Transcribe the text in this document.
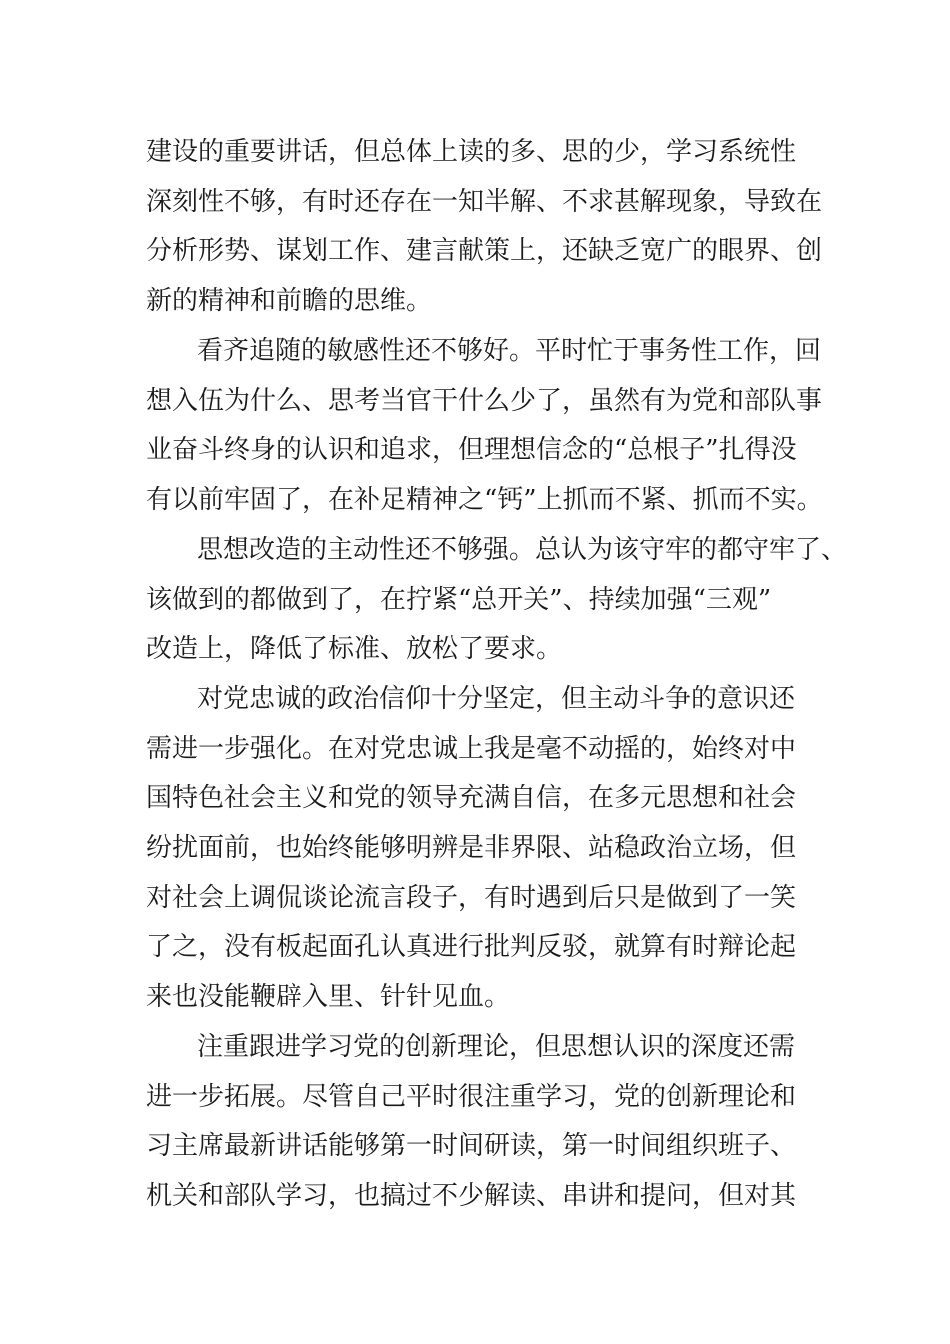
建设的重要讲话，但总体上读的多、思的少，学习系统性
深刻性不够，有时还存在一知半解、不求甚解现象，导致在
分析形势、谋划工作、建言献策上，还缺乏宽广的眼界、创
新的精神和前瞻的思维。
看齐追随的敏感性还不够好。平时忙于事务性工作，回
想入伍为什么、思考当官干什么少了，虽然有为党和部队事
业奋斗终身的认识和追求，但理想信念的“总根子”扎得没
有以前牢固了，在补足精神之“钙”上抓而不紧、抓而不实。
思想改造的主动性还不够强。总认为该守牢的都守牢了、
该做到的都做到了，在拧紧“总开关”、持续加强“三观”
改造上，降低了标准、放松了要求。
对党忠诚的政治信仰十分坚定，但主动斗争的意识还
需进一步强化。在对党忠诚上我是毫不动摇的，始终对中
国特色社会主义和党的领导充满自信，在多元思想和社会
纷扰面前，也始终能够明辨是非界限、站稳政治立场，但
对社会上调侃谈论流言段子，有时遇到后只是做到了一笑
了之，没有板起面孔认真进行批判反驳，就算有时辩论起
来也没能鞭辟入里、针针见血。
注重跟进学习党的创新理论，但思想认识的深度还需
进一步拓展。尽管自己平时很注重学习，党的创新理论和
习主席最新讲话能够第一时间研读，第一时间组织班子、
机关和部队学习，也搞过不少解读、串讲和提问，但对其
